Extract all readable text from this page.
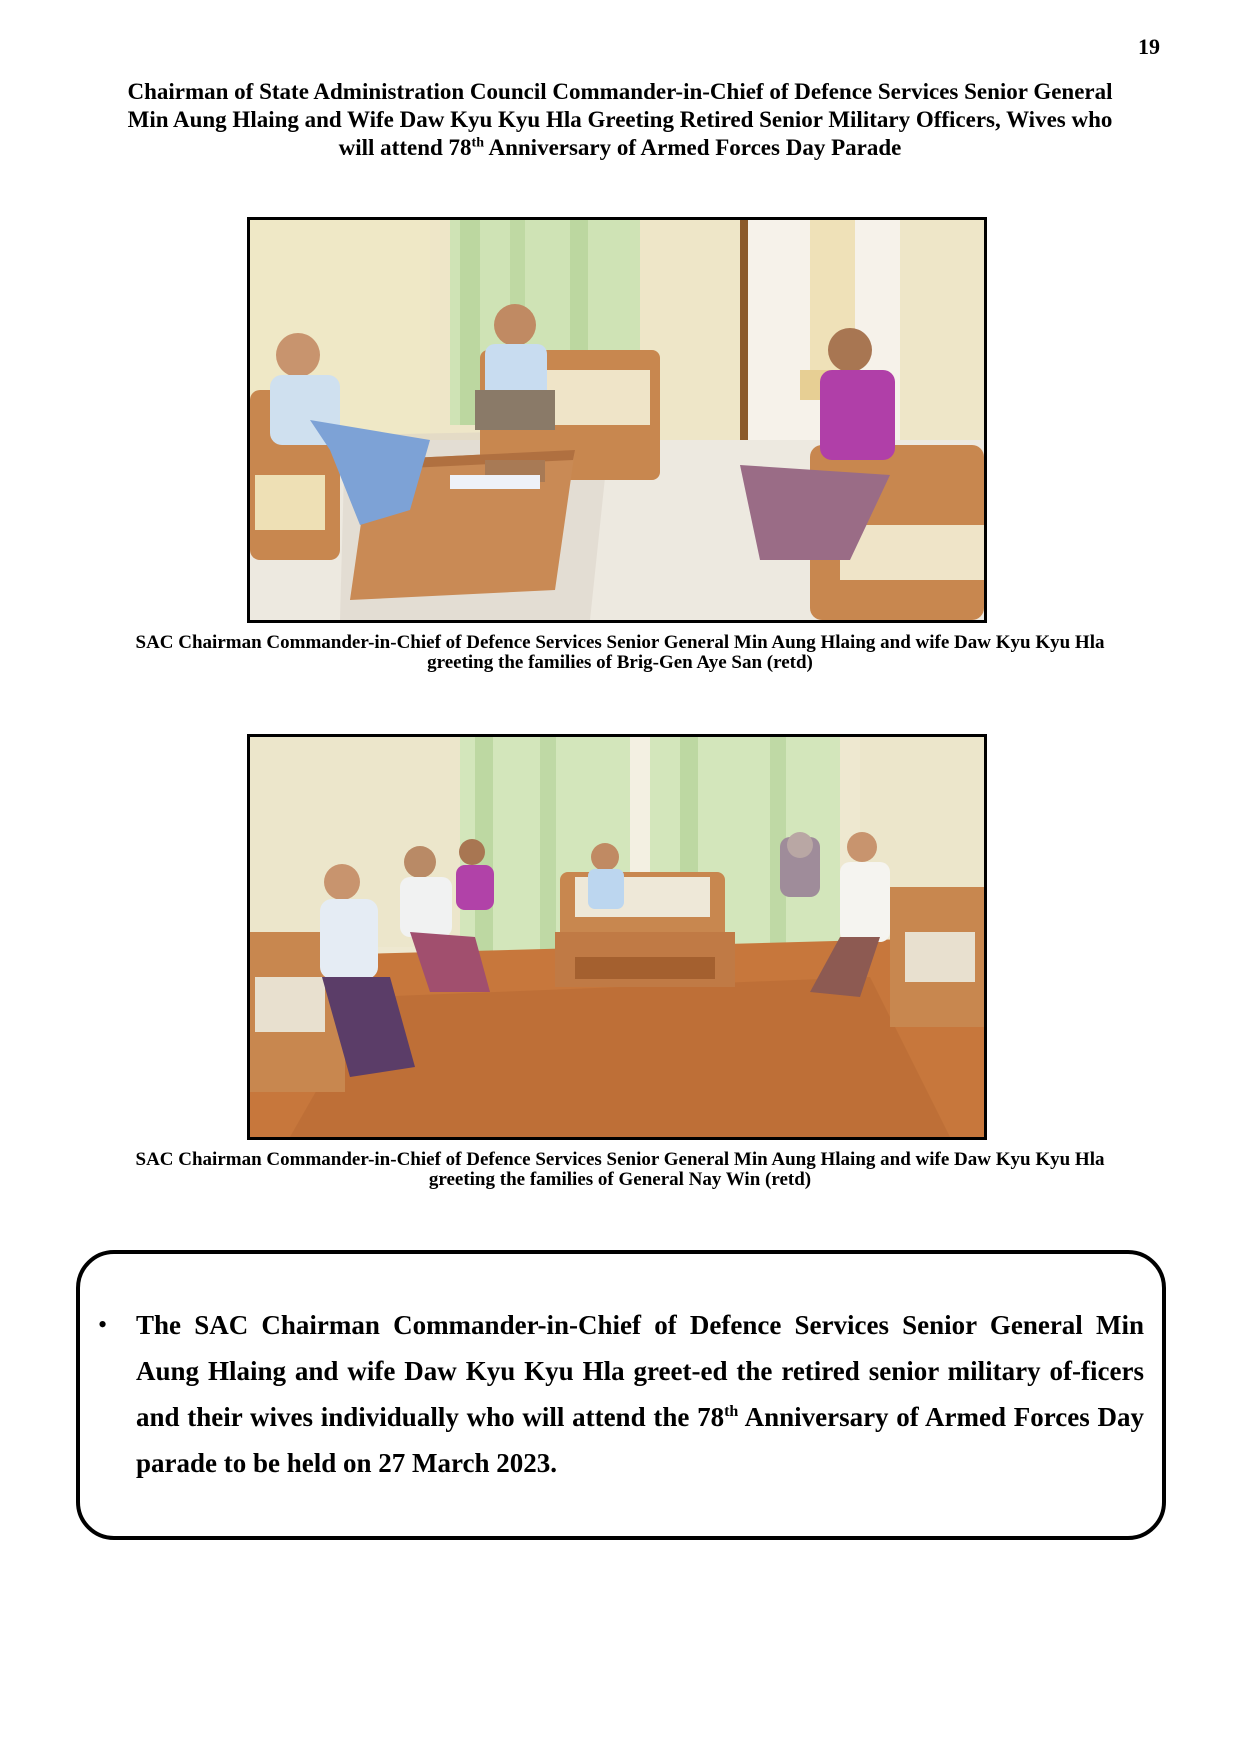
19
Chairman of State Administration Council Commander-in-Chief of Defence Services Senior General
Min Aung Hlaing and Wife Daw Kyu Kyu Hla Greeting Retired Senior Military Officers, Wives who
will attend 78th Anniversary of Armed Forces Day Parade
SAC Chairman Commander-in-Chief of Defence Services Senior General Min Aung Hlaing and wife Daw Kyu Kyu Hla
greeting the families of Brig-Gen Aye San (retd)
SAC Chairman Commander-in-Chief of Defence Services Senior General Min Aung Hlaing and wife Daw Kyu Kyu Hla
greeting the families of General Nay Win (retd)
• The SAC Chairman Commander-in-Chief of Defence Services Senior General Min Aung Hlaing and wife Daw Kyu Kyu Hla greet-ed the retired senior military of-ficers and their wives individually who will attend the 78th Anniversary of Armed Forces Day parade to be held on 27 March 2023.
